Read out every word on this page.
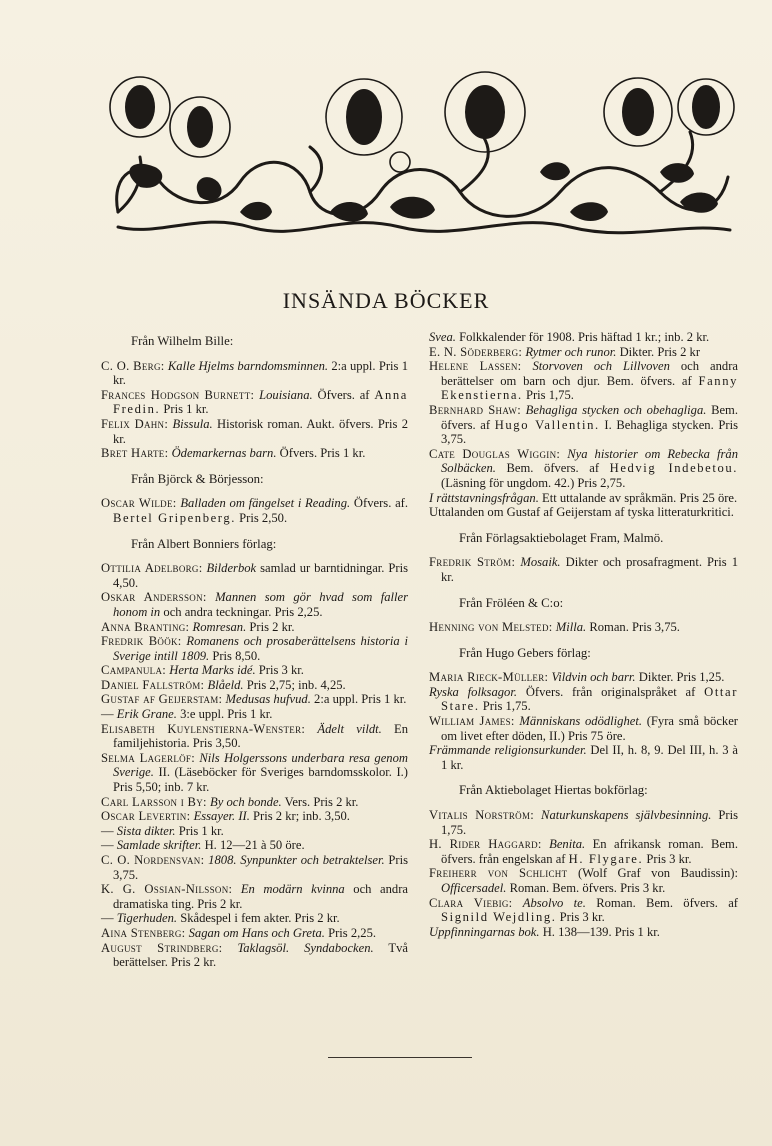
INSÄNDA BÖCKER

Från Wilhelm Bille:

C. O. Berg: Kalle Hjelms barndomsminnen. 2:a uppl. Pris 1 kr.

Frances Hodgson Burnett: Louisiana. Öfvers. af Anna Fredin. Pris 1 kr.

Felix Dahn: Bissula. Historisk roman. Aukt. öfvers. Pris 2 kr.

Bret Harte: Ödemarkernas barn. Öfvers. Pris 1 kr.

Från Björck & Börjesson:

Oscar Wilde: Balladen om fängelset i Reading. Öfvers. af. Bertel Gripenberg. Pris 2,50.

Från Albert Bonniers förlag:

Ottilia Adelborg: Bilderbok samlad ur barntidningar. Pris 4,50.

Oskar Andersson: Mannen som gör hvad som faller honom in och andra teckningar. Pris 2,25.

Anna Branting: Romresan. Pris 2 kr.

Fredrik Böök: Romanens och prosaberättelsens historia i Sverige intill 1809. Pris 8,50.

Campanula: Herta Marks idé. Pris 3 kr.

Daniel Fallström: Blåeld. Pris 2,75; inb. 4,25.

Gustaf af Geijerstam: Medusas hufvud. 2:a uppl. Pris 1 kr.

— Erik Grane. 3:e uppl. Pris 1 kr.

Elisabeth Kuylenstierna-Wenster: Ädelt vildt. En familjehistoria. Pris 3,50.

Selma Lagerlöf: Nils Holgerssons underbara resa genom Sverige. II. (Läseböcker för Sveriges barndomsskolor. I.) Pris 5,50; inb. 7 kr.

Carl Larsson i By: By och bonde. Vers. Pris 2 kr.

Oscar Levertin: Essayer. II. Pris 2 kr; inb. 3,50.

— Sista dikter. Pris 1 kr.

— Samlade skrifter. H. 12—21 à 50 öre.

C. O. Nordensvan: 1808. Synpunkter och betraktelser. Pris 3,75.

K. G. Ossian-Nilsson: En modärn kvinna och andra dramatiska ting. Pris 2 kr.

— Tigerhuden. Skådespel i fem akter. Pris 2 kr.

Aina Stenberg: Sagan om Hans och Greta. Pris 2,25.

August Strindberg: Taklagsöl. Syndabocken. Två berättelser. Pris 2 kr.

Svea. Folkkalender för 1908. Pris häftad 1 kr.; inb. 2 kr.

E. N. Söderberg: Rytmer och runor. Dikter. Pris 2 kr

Helene Lassen: Storvoven och Lillvoven och andra berättelser om barn och djur. Bem. öfvers. af Fanny Ekenstierna. Pris 1,75.

Bernhard Shaw: Behagliga stycken och obehagliga. Bem. öfvers. af Hugo Vallentin. I. Behagliga stycken. Pris 3,75.

Cate Douglas Wiggin: Nya historier om Rebecka från Solbäcken. Bem. öfvers. af Hedvig Indebetou. (Läsning för ungdom. 42.) Pris 2,75.

I rättstavningsfrågan. Ett uttalande av språkmän. Pris 25 öre.

Uttalanden om Gustaf af Geijerstam af tyska litteraturkritici.

Från Förlagsaktiebolaget Fram, Malmö.

Fredrik Ström: Mosaik. Dikter och prosafragment. Pris 1 kr.

Från Fröléen & C:o:

Henning von Melsted: Milla. Roman. Pris 3,75.

Från Hugo Gebers förlag:

Maria Rieck-Müller: Vildvin och barr. Dikter. Pris 1,25.

Ryska folksagor. Öfvers. från originalspråket af Ottar Stare. Pris 1,75.

William James: Människans odödlighet. (Fyra små böcker om livet efter döden, II.) Pris 75 öre.

Främmande religionsurkunder. Del II, h. 8, 9. Del III, h. 3 à 1 kr.

Från Aktiebolaget Hiertas bokförlag:

Vitalis Norström: Naturkunskapens självbesinning. Pris 1,75.

H. Rider Haggard: Benita. En afrikansk roman. Bem. öfvers. från engelskan af H. Flygare. Pris 3 kr.

Freiherr von Schlicht (Wolf Graf von Baudissin): Officersadel. Roman. Bem. öfvers. Pris 3 kr.

Clara Viebig: Absolvo te. Roman. Bem. öfvers. af Signild Wejdling. Pris 3 kr.

Uppfinningarnas bok. H. 138—139. Pris 1 kr.
